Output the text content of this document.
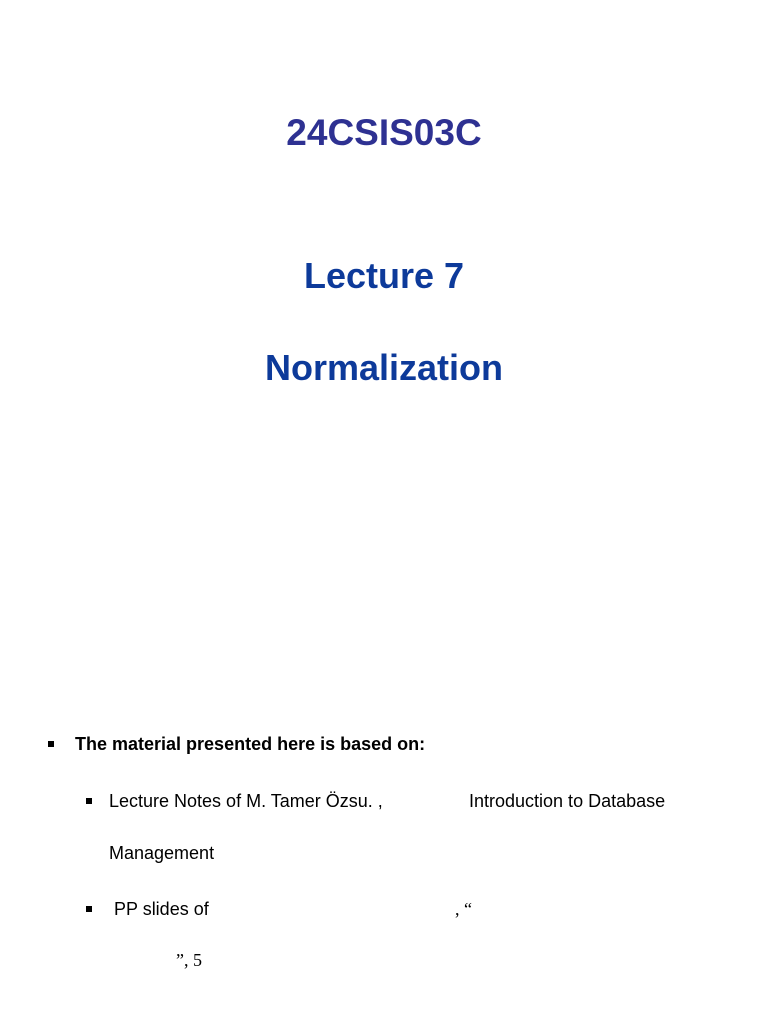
24CSIS03C
Lecture 7
Normalization
The material presented here is based on:
Lecture Notes of M. Tamer Özsu. ,	Introduction to Database
Management
PP slides of	, “
”, 5
